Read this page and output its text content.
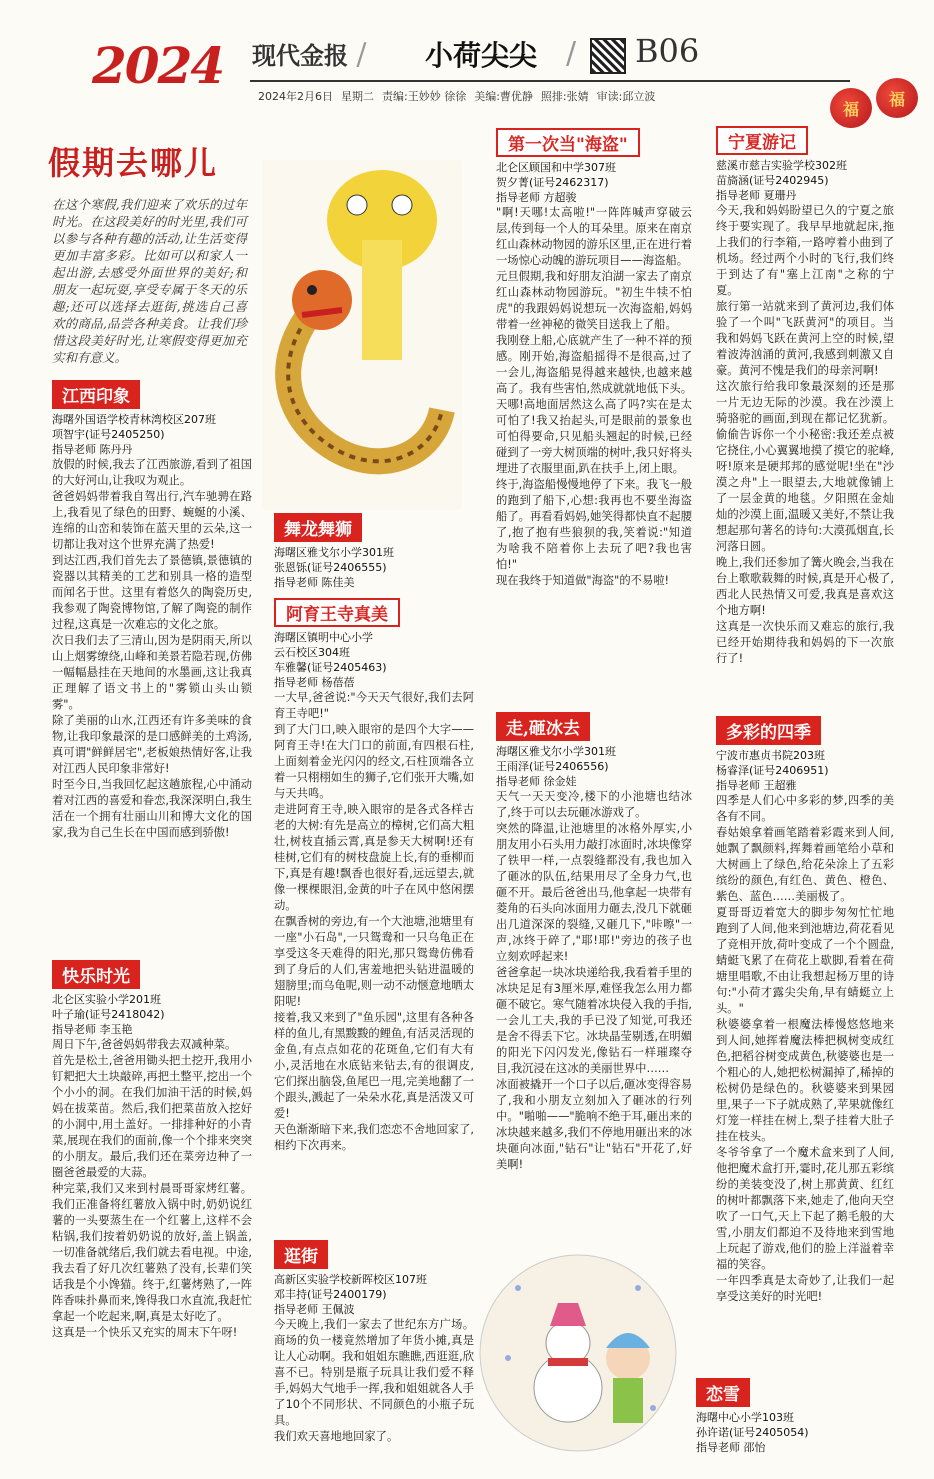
2024 现代金报 / 小荷尖尖 / B06
2024年2月6日 星期二 责编:王妙妙 徐徐 美编:曹优静 照排:张婧 审读:邱立波
福
福
假期去哪儿
在这个寒假,我们迎来了欢乐的过年时光。在这段美好的时光里,我们可以参与各种有趣的活动,让生活变得更加丰富多彩。比如可以和家人一起出游,去感受外面世界的美好;和朋友一起玩耍,享受专属于冬天的乐趣;还可以选择去逛街,挑选自己喜欢的商品,品尝各种美食。让我们珍惜这段美好时光,让寒假变得更加充实和有意义。
江西印象
海曙外国语学校青林湾校区207班
项智宇(证号2405250)
指导老师 陈丹丹
放假的时候,我去了江西旅游,看到了祖国的大好河山,让我叹为观止。
爸爸妈妈带着我自驾出行,汽车驰骋在路上,我看见了绿色的田野、蜿蜒的小溪、连绵的山峦和装饰在蓝天里的云朵,这一切都让我对这个世界充满了热爱!
到达江西,我们首先去了景德镇,景德镇的瓷器以其精美的工艺和别具一格的造型而闻名于世。这里有着悠久的陶瓷历史,我参观了陶瓷博物馆,了解了陶瓷的制作过程,这真是一次难忘的文化之旅。
次日我们去了三清山,因为是阴雨天,所以山上烟雾缭绕,山峰和美景若隐若现,仿佛一幅幅悬挂在天地间的水墨画,这让我真正理解了语文书上的"雾锁山头山锁雾"。
除了美丽的山水,江西还有许多美味的食物,让我印象最深的是口感鲜美的土鸡汤,真可谓"鲜鲜居宅",老板娘热情好客,让我对江西人民印象非常好!
时至今日,当我回忆起这趟旅程,心中涌动着对江西的喜爱和眷恋,我深深明白,我生活在一个拥有壮丽山川和博大文化的国家,我为自己生长在中国而感到骄傲!
快乐时光
北仑区实验小学201班
叶子瑜(证号2418042)
指导老师 李玉艳
周日下午,爸爸妈妈带我去双减种菜。
首先是松土,爸爸用锄头把土挖开,我用小钉耙把大土块敲碎,再把土整平,挖出一个个小小的洞。在我们加油干活的时候,妈妈在拔菜苗。然后,我们把菜苗放入挖好的小洞中,用土盖好。一排排种好的小青菜,展现在我们的面前,像一个个排来突突的小朋友。最后,我们还在菜旁边种了一圈爸爸最爱的大蒜。
种完菜,我们又来到村晨哥哥家烤红薯。我们正准备将红薯放入锅中时,奶奶说红薯的一头要蒸生在一个红薯上,这样不会粘锅,我们按着奶奶说的放好,盖上锅盖,一切准备就绪后,我们就去看电视。中途,我去看了好几次红薯熟了没有,长辈们笑话我是个小馋猫。终于,红薯烤熟了,一阵阵香味扑鼻而来,馋得我口水直流,我赶忙拿起一个吃起来,啊,真是太好吃了。
这真是一个快乐又充实的周末下午呀!
舞龙舞狮
海曙区雅戈尔小学301班
张恩铄(证号2406555)
指导老师 陈佳美
阿育王寺真美
海曙区镇明中心小学
云石校区304班
车雅馨(证号2405463)
指导老师 杨蓓蓓
一大早,爸爸说:"今天天气很好,我们去阿育王寺吧!"
到了大门口,映入眼帘的是四个大字——阿育王寺!在大门口的前面,有四根石柱,上面刻着金光闪闪的经文,石柱顶端各立着一只栩栩如生的狮子,它们张开大嘴,如与天共鸣。
走进阿育王寺,映入眼帘的是各式各样古老的大树:有先是高立的樟树,它们高大粗壮,树枝直插云霄,真是参天大树啊!还有桂树,它们有的树枝盘旋上长,有的垂柳而下,真是有趣!飘香也很好看,远远望去,就像一棵棵眼泪,金黄的叶子在风中悠闲摆动。
在飘香树的旁边,有一个大池塘,池塘里有一座"小石岛",一只鸳鸯和一只乌龟正在享受这冬天难得的阳光,那只鸳鸯仿佛看到了身后的人们,害羞地把头钻进温暖的翅膀里;而乌龟呢,则一动不动惬意地晒太阳呢!
接着,我又来到了"鱼乐园",这里有各种各样的鱼儿,有黑黢黢的鲤鱼,有活灵活现的金鱼,有点点如花的花斑鱼,它们有大有小,灵活地在水底钻来钻去,有的很调皮,它们探出脑袋,鱼尾巴一甩,完美地翻了一个跟头,溅起了一朵朵水花,真是活泼又可爱!
天色渐渐暗下来,我们恋恋不舍地回家了,相约下次再来。
逛街
高新区实验学校新晖校区107班
邓丰持(证号2400179)
指导老师 王佩波
今天晚上,我们一家去了世纪东方广场。商场的负一楼竟然增加了年货小摊,真是让人心动啊。我和姐姐东瞧瞧,西逛逛,欣喜不已。特别是瓶子玩具让我们爱不释手,妈妈大气地手一挥,我和姐姐就各人手了10个不同形状、不同颜色的小瓶子玩具。
我们欢天喜地地回家了。
第一次当"海盗"
北仑区顾国和中学307班
贺夕菁(证号2462317)
指导老师 方超骏
"啊!天哪!太高啦!"一阵阵喊声穿破云层,传到每一个人的耳朵里。原来在南京红山森林动物园的游乐区里,正在进行着一场惊心动魄的游玩项目——海盗船。
元旦假期,我和好朋友泊湖一家去了南京红山森林动物园游玩。"初生牛犊不怕虎"的我跟妈妈说想玩一次海盗船,妈妈带着一丝神秘的微笑目送我上了船。
我刚登上船,心底就产生了一种不祥的预感。刚开始,海盗船摇得不是很高,过了一会儿,海盗船晃得越来越快,也越来越高了。我有些害怕,然成就就地低下头。天哪!高地面居然这么高了吗?实在是太可怕了!我又抬起头,可是眼前的景象也可怕得要命,只见船头翘起的时候,已经碰到了一旁大树顶端的树叶,我只好将头埋进了衣服里面,趴在扶手上,闭上眼。
终于,海盗船慢慢地停了下来。我飞一般的跑到了船下,心想:我再也不要坐海盗船了。再看看妈妈,她笑得都快直不起腰了,抱了抱有些狼狈的我,笑着说:"知道为啥我不陪着你上去玩了吧?我也害怕!"
现在我终于知道做"海盗"的不易啦!
走,砸冰去
海曙区雅戈尔小学301班
王雨泽(证号2406556)
指导老师 徐金娃
天气一天天变冷,楼下的小池塘也结冰了,终于可以去玩砸冰游戏了。
突然的降温,让池塘里的冰格外厚实,小朋友用小石头用力敲打冰面时,冰块像穿了铁甲一样,一点裂缝都没有,我也加入了砸冰的队伍,结果用尽了全身力气,也砸不开。最后爸爸出马,他拿起一块带有菱角的石头向冰面用力砸去,没几下就砸出几道深深的裂缝,又砸几下,"咔嚓"一声,冰终于碎了,"耶!耶!"旁边的孩子也立刻欢呼起来!
爸爸拿起一块冰块递给我,我看着手里的冰块足足有3厘米厚,难怪我怎么用力都砸不破它。寒气随着冰块侵入我的手指,一会儿工夫,我的手已没了知觉,可我还是舍不得丢下它。冰块晶莹剔透,在明媚的阳光下闪闪发光,像钻石一样璀璨夺目,我沉浸在这冰的美丽世界中……
冰面被撬开一个口子以后,砸冰变得容易了,我和小朋友立刻加入了砸冰的行列中。"啪啪——"脆响不绝于耳,砸出来的冰块越来越多,我们不停地用砸出来的冰块砸向冰面,"钻石"让"钻石"开花了,好美啊!
宁夏游记
慈溪市慈吉实验学校302班
苗旖涵(证号2402945)
指导老师 夏珊丹
今天,我和妈妈盼望已久的宁夏之旅终于要实现了。我早早地就起床,拖上我们的行李箱,一路哼着小曲到了机场。经过两个小时的飞行,我们终于到达了有"塞上江南"之称的宁夏。
旅行第一站就来到了黄河边,我们体验了一个叫"飞跃黄河"的项目。当我和妈妈飞跃在黄河上空的时候,望着波涛汹涌的黄河,我感到刺激又自豪。黄河不愧是我们的母亲河啊!
这次旅行给我印象最深刻的还是那一片无边无际的沙漠。我在沙漠上骑骆驼的画面,到现在都记忆犹新。偷偷告诉你一个小秘密:我还差点被它挠住,小心翼翼地摸了摸它的驼峰,呀!原来是硬邦邦的感觉呢!坐在"沙漠之舟"上一眼望去,大地就像铺上了一层金黄的地毯。夕阳照在金灿灿的沙漠上面,温暖又美好,不禁让我想起那句著名的诗句:大漠孤烟直,长河落日圆。
晚上,我们还参加了篝火晚会,当我在台上歌歌载舞的时候,真是开心极了,西北人民热情又可爱,我真是喜欢这个地方啊!
这真是一次快乐而又难忘的旅行,我已经开始期待我和妈妈的下一次旅行了!
多彩的四季
宁波市惠贞书院203班
杨睿泽(证号2406951)
指导老师 王超雅
四季是人们心中多彩的梦,四季的美各有不同。
春姑娘拿着画笔踏着彩霞来到人间,她飘了飘颜料,挥舞着画笔给小草和大树画上了绿色,给花朵涂上了五彩缤纷的颜色,有红色、黄色、橙色、紫色、蓝色……美丽极了。
夏哥哥迈着宽大的脚步匆匆忙忙地跑到了人间,他来到池塘边,荷花看见了竞相开放,荷叶变成了一个个圆盘,蜻蜓飞累了在荷花上歇脚,看着在荷塘里唱歌,不由让我想起杨万里的诗句:"小荷才露尖尖角,早有蜻蜓立上头。"
秋婆婆拿着一根魔法棒慢悠悠地来到人间,她挥着魔法棒把枫树变成红色,把稻谷树变成黄色,秋婆婆也是一个粗心的人,她把松树漏掉了,稀掉的松树仍是绿色的。秋婆婆来到果园里,果子一下子就成熟了,苹果就像红灯笼一样挂在树上,梨子挂着大肚子挂在枝头。
冬爷爷拿了一个魔术盒来到了人间,他把魔术盒打开,霎时,花儿那五彩缤纷的美装变没了,树上那黄黄、红红的树叶都飘落下来,她走了,他向天空吹了一口气,天上下起了鹅毛般的大雪,小朋友们都迫不及待地来到雪地上玩起了游戏,他们的脸上洋溢着幸福的笑容。
一年四季真是太奇妙了,让我们一起享受这美好的时光吧!
恋雪
海曙中心小学103班
孙许诺(证号2405054)
指导老师 邵怡
